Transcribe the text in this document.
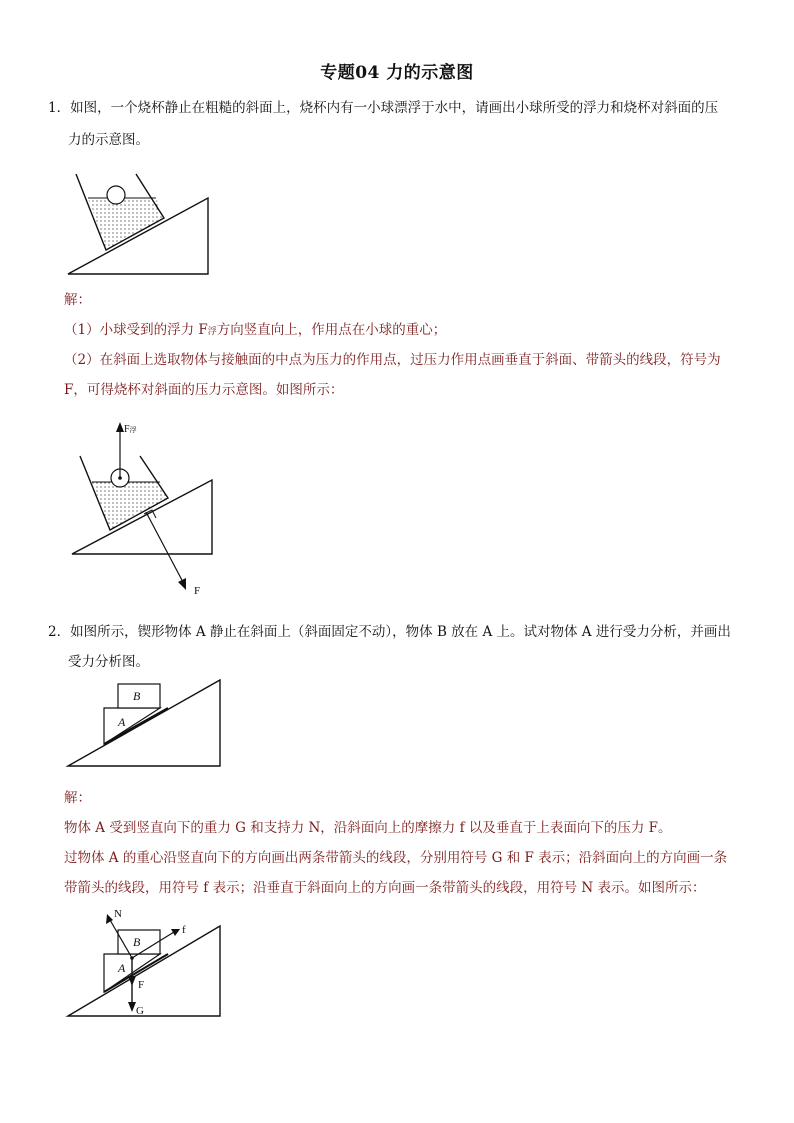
专题04 力的示意图
1．如图，一个烧杯静止在粗糙的斜面上，烧杯内有一小球漂浮于水中，请画出小球所受的浮力和烧杯对斜面的压
力的示意图。
解：
（1）小球受到的浮力 F浮方向竖直向上，作用点在小球的重心；
（2）在斜面上选取物体与接触面的中点为压力的作用点，过压力作用点画垂直于斜面、带箭头的线段，符号为
F，可得烧杯对斜面的压力示意图。如图所示：
F浮
F
2．如图所示，锲形物体 A 静止在斜面上（斜面固定不动），物体 B 放在 A 上。试对物体 A 进行受力分析，并画出
受力分析图。
A
B
解：
物体 A 受到竖直向下的重力 G 和支持力 N，沿斜面向上的摩擦力 f 以及垂直于上表面向下的压力 F。
过物体 A 的重心沿竖直向下的方向画出两条带箭头的线段，分别用符号 G 和 F 表示；沿斜面向上的方向画一条
带箭头的线段，用符号 f 表示；沿垂直于斜面向上的方向画一条带箭头的线段，用符号 N 表示。如图所示：
A
B
N
f
F
G
